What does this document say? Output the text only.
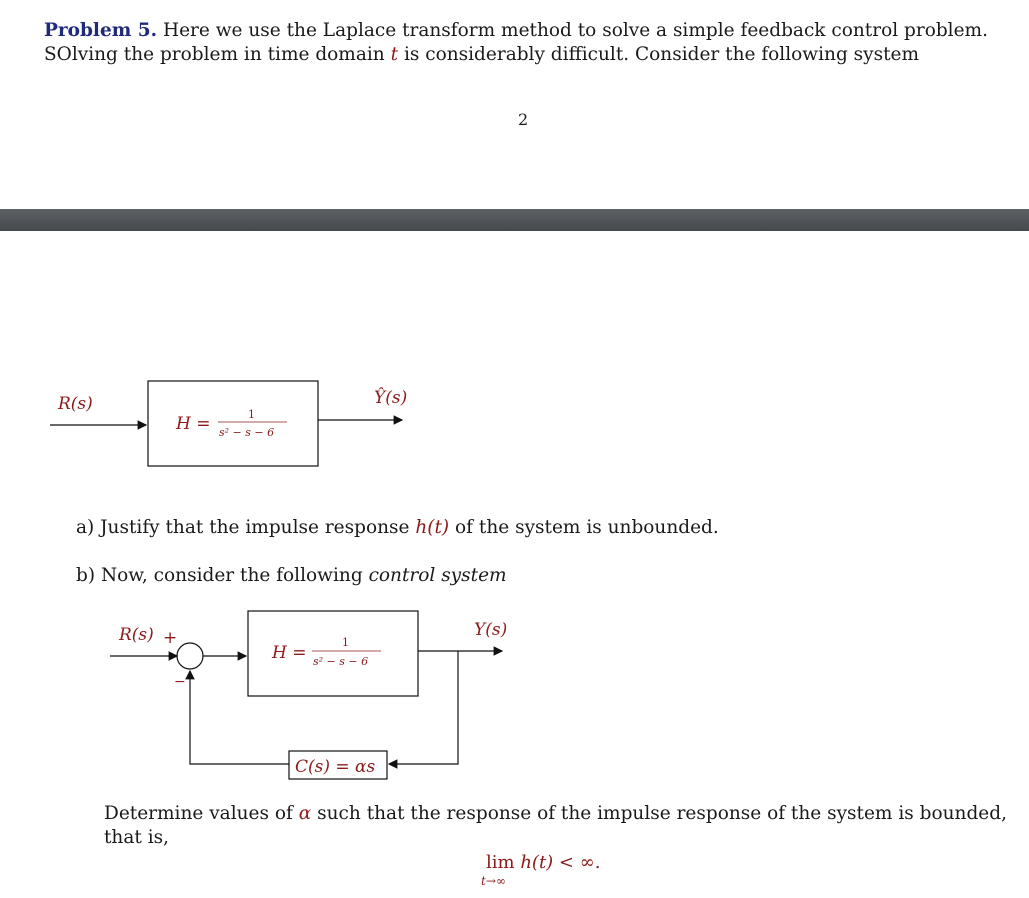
Problem 5. Here we use the Laplace transform method to solve a simple feedback control problem. SOlving the problem in time domain t is considerably difficult. Consider the following system
2
R(s)	Ŷ(s)
H =	1
s² − s − 6
a) Justify that the impulse response h(t) of the system is unbounded.
b) Now, consider the following control system
R(s) +
−
Y(s)
H =
1
s² − s − 6
C(s) = αs
Determine values of α such that the response of the impulse response of the system is bounded, that is,
lim h(t) < ∞.
t→∞
